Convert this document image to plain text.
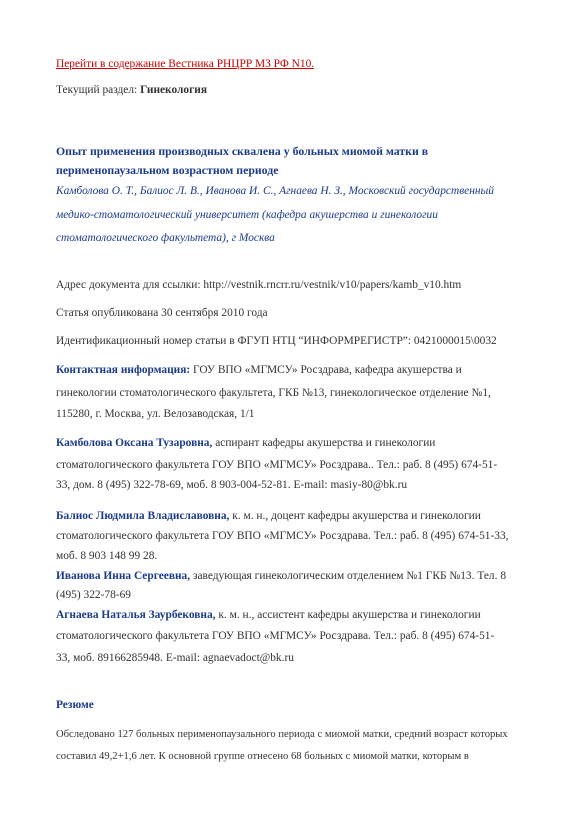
Перейти в содержание Вестника РНЦРР МЗ РФ N10.
Текущий раздел: Гинекология
Опыт применения производных сквалена у больных миомой матки в
перименопаузальном возрастном периоде
Камболова О. Т., Балиос Л. В., Иванова И. С., Агнаева Н. З., Московский государственный
медико-стоматологический университет (кафедра акушерства и гинекологии
стоматологического факультета), г Москва
Адрес документа для ссылки: http://vestnik.rncrr.ru/vestnik/v10/papers/kamb_v10.htm
Статья опубликована 30 сентября 2010 года
Идентификационный номер статьи в ФГУП НТЦ “ИНФОРМРЕГИСТР”: 0421000015\0032
Контактная информация: ГОУ ВПО «МГМСУ» Росздрава, кафедра акушерства и
гинекологии стоматологического факультета, ГКБ №13, гинекологическое отделение №1,
115280, г. Москва, ул. Велозаводская, 1/1
Камболова Оксана Тузаровна, аспирант кафедры акушерства и гинекологии
стоматологического факультета ГОУ ВПО «МГМСУ» Росздрава.. Тел.: раб. 8 (495) 674-51-
33, дом. 8 (495) 322-78-69, моб. 8 903-004-52-81. E-mail: masiy-80@bk.ru
Балиос Людмила Владиславовна, к. м. н., доцент кафедры акушерства и гинекологии
стоматологического факультета ГОУ ВПО «МГМСУ» Росздрава. Тел.: раб. 8 (495) 674-51-33,
моб. 8 903 148 99 28.
Иванова Инна Сергеевна, заведующая гинекологическим отделением №1 ГКБ №13. Тел. 8
(495) 322-78-69
Агнаева Наталья Заурбековна, к. м. н., ассистент кафедры акушерства и гинекологии
стоматологического факультета ГОУ ВПО «МГМСУ» Росздрава. Тел.: раб. 8 (495) 674-51-
33, моб. 89166285948. E-mail: agnaevadoct@bk.ru
Резюме
Обследовано 127 больных перименопаузального периода с миомой матки, средний возраст которых
составил 49,2+1,6 лет. К основной группе отнесено 68 больных с миомой матки, которым в
